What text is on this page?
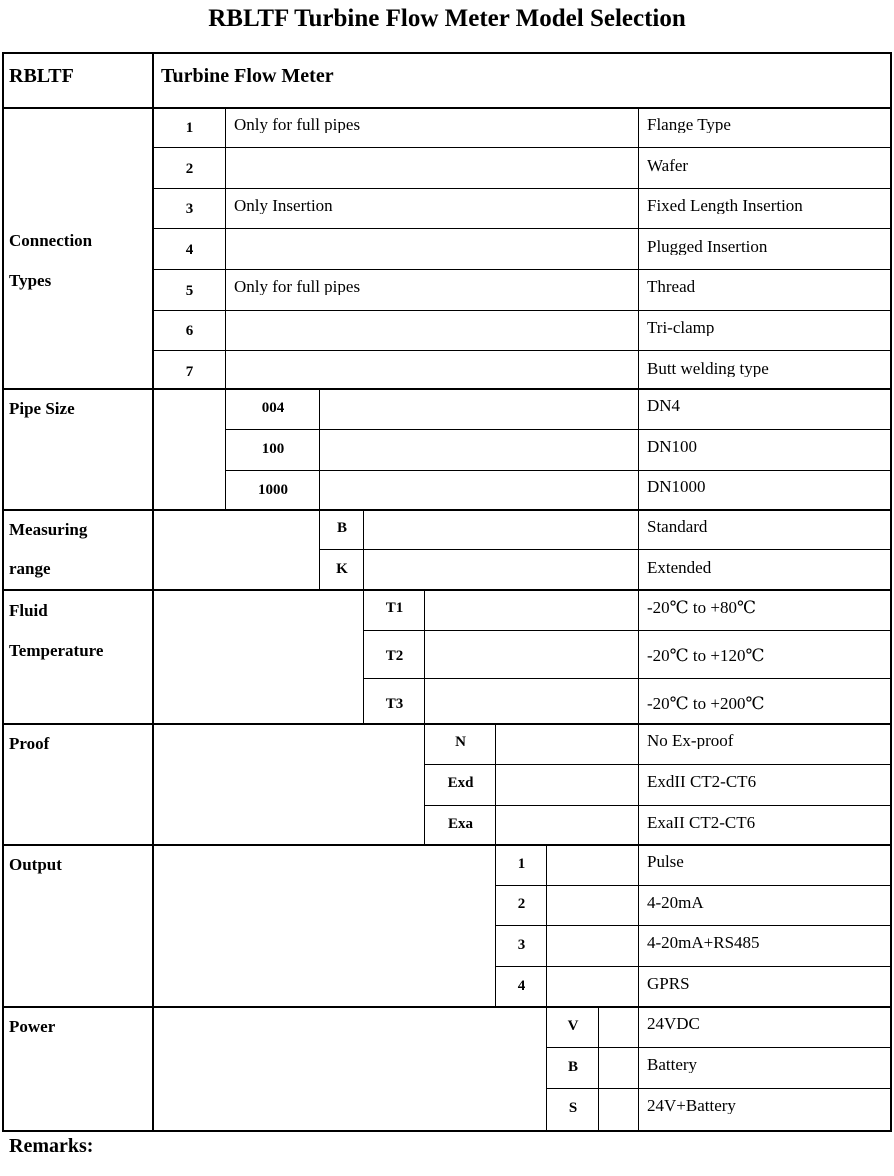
RBLTF Turbine Flow Meter Model Selection
RBLTF	Turbine Flow Meter
Connection
Types
Pipe Size
Measuring
range
Fluid
Temperature
Proof
Output
Power
1
2
3
4
5
6
7
Only for full pipes
Only Insertion
Only for full pipes
Flange Type
Wafer
Fixed Length Insertion
Plugged Insertion
Thread
Tri-clamp
Butt welding type
004
100
1000
DN4
DN100
DN1000
B
K
Standard
Extended
T1
T2
T3
-20℃ to +80℃
-20℃ to +120℃
-20℃ to +200℃
N
Exd
Exa
No Ex-proof
ExdII CT2-CT6
ExaII CT2-CT6
1
2
3
4
Pulse
4-20mA
4-20mA+RS485
GPRS
V
B
S
24VDC
Battery
24V+Battery
Remarks:
